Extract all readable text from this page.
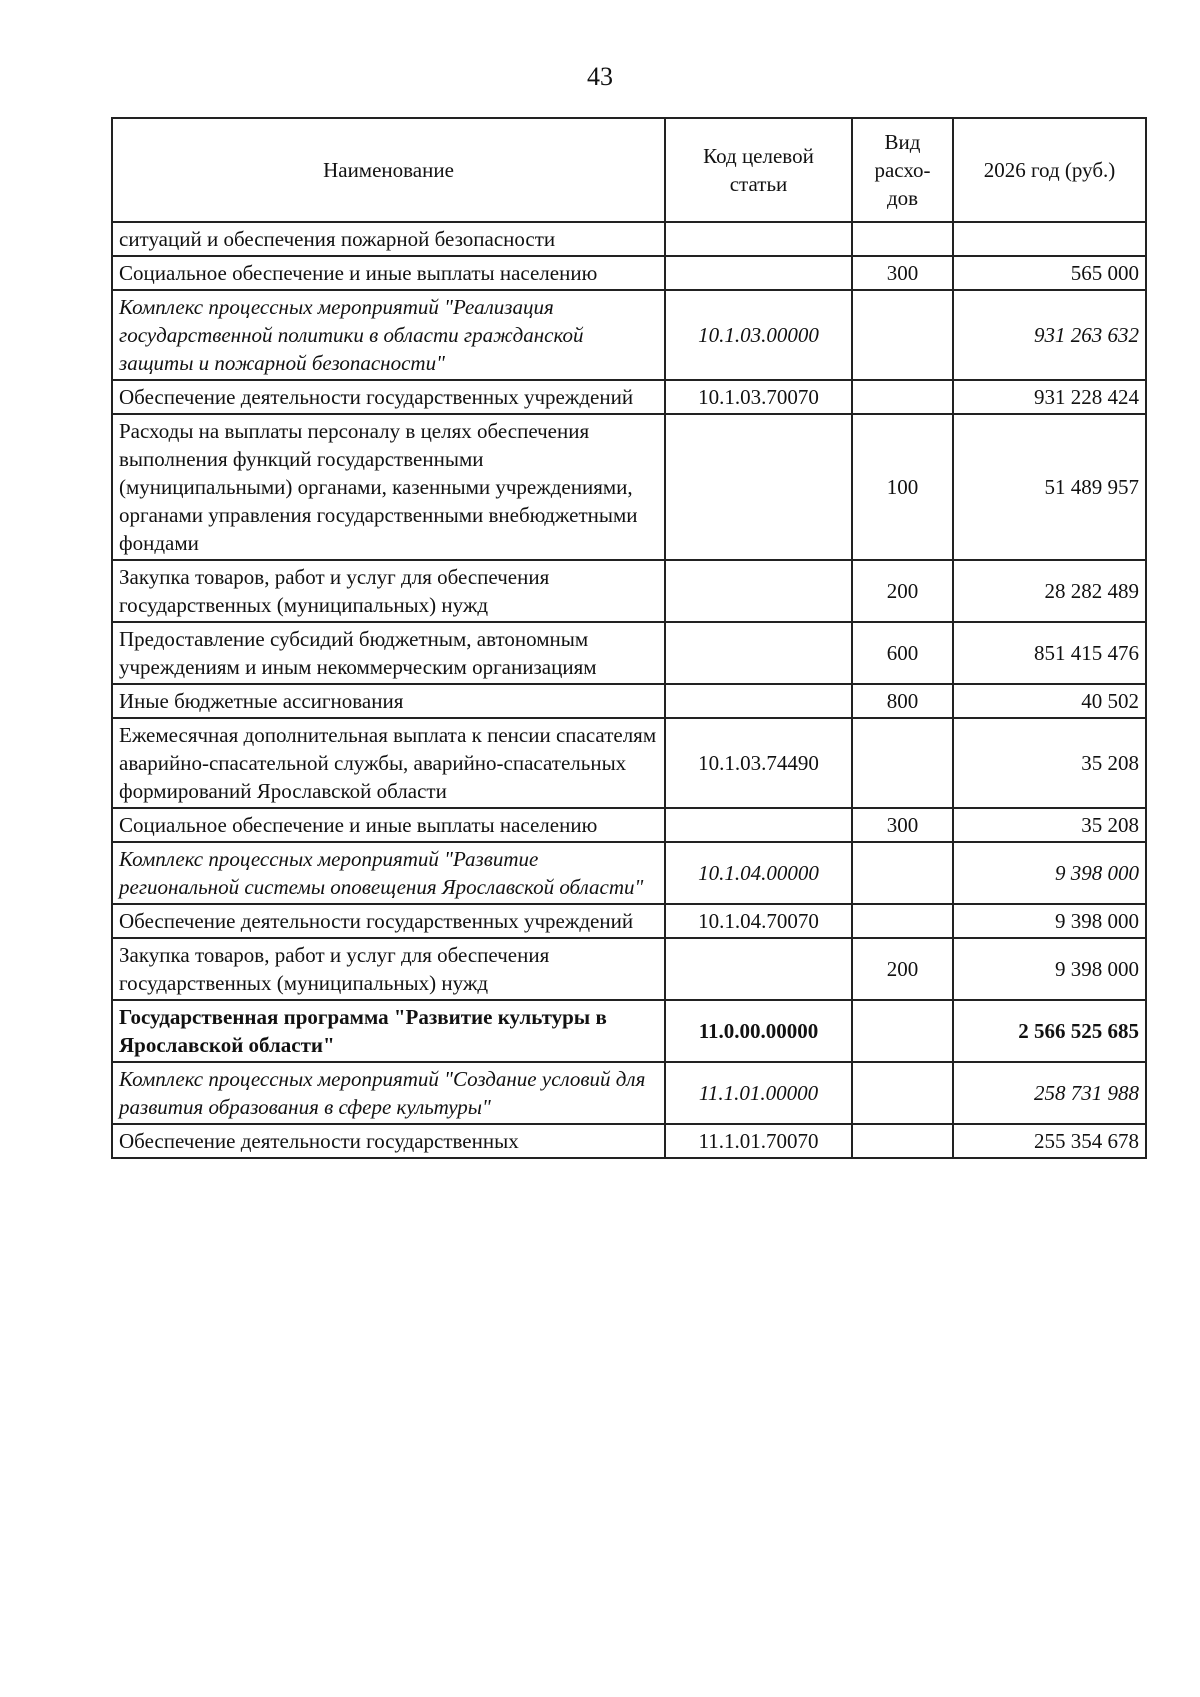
43
Наименование	Код целевой статьи	Вид расхо-дов	2026 год (руб.)
ситуаций и обеспечения пожарной безопасности			
Социальное обеспечение и иные выплаты населению		300	565 000
Комплекс процессных мероприятий "Реализация государственной политики в области гражданской защиты и пожарной безопасности"	10.1.03.00000		931 263 632
Обеспечение деятельности государственных учреждений	10.1.03.70070		931 228 424
Расходы на выплаты персоналу в целях обеспечения выполнения функций государственными (муниципальными) органами, казенными учреждениями, органами управления государственными внебюджетными фондами		100	51 489 957
Закупка товаров, работ и услуг для обеспечения государственных (муниципальных) нужд		200	28 282 489
Предоставление субсидий бюджетным, автономным учреждениям и иным некоммерческим организациям		600	851 415 476
Иные бюджетные ассигнования		800	40 502
Ежемесячная дополнительная выплата к пенсии спасателям аварийно-спасательной службы, аварийно-спасательных формирований Ярославской области	10.1.03.74490		35 208
Социальное обеспечение и иные выплаты населению		300	35 208
Комплекс процессных мероприятий "Развитие региональной системы оповещения Ярославской области"	10.1.04.00000		9 398 000
Обеспечение деятельности государственных учреждений	10.1.04.70070		9 398 000
Закупка товаров, работ и услуг для обеспечения государственных (муниципальных) нужд		200	9 398 000
Государственная программа "Развитие культуры в Ярославской области"	11.0.00.00000		2 566 525 685
Комплекс процессных мероприятий "Создание условий для развития образования в сфере культуры"	11.1.01.00000		258 731 988
Обеспечение деятельности государственных	11.1.01.70070		255 354 678
